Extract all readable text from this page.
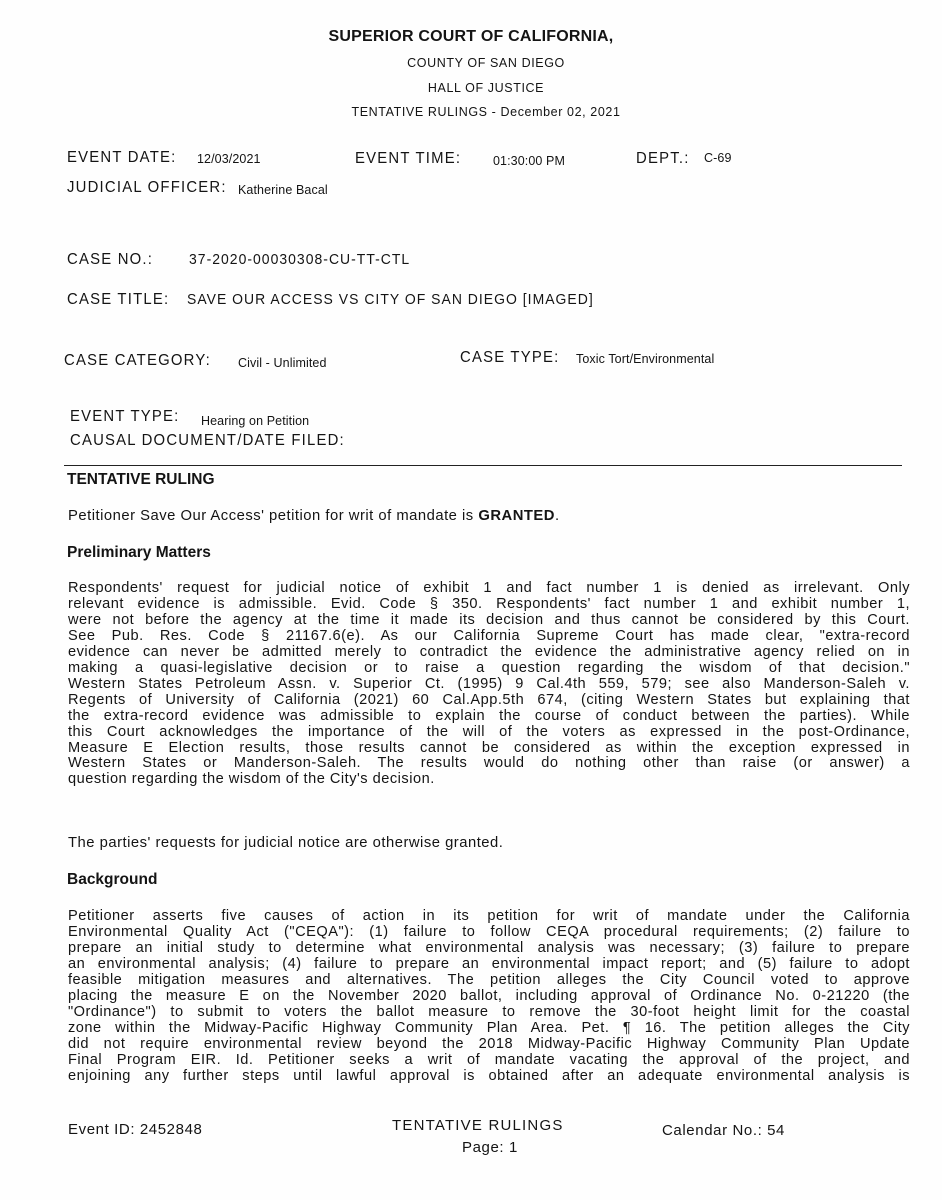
SUPERIOR COURT OF CALIFORNIA,
COUNTY OF SAN DIEGO
HALL OF JUSTICE
TENTATIVE RULINGS - December 02, 2021
EVENT DATE: 12/03/2021	EVENT TIME:	01:30:00 PM	DEPT.: C-69
JUDICIAL OFFICER: Katherine Bacal
CASE NO.: 37-2020-00030308-CU-TT-CTL
CASE TITLE: SAVE OUR ACCESS VS CITY OF SAN DIEGO [IMAGED]
CASE CATEGORY: Civil - Unlimited	CASE TYPE: Toxic Tort/Environmental
EVENT TYPE: Hearing on Petition
CAUSAL DOCUMENT/DATE FILED:
TENTATIVE RULING
Petitioner Save Our Access' petition for writ of mandate is GRANTED.
Preliminary Matters
Respondents' request for judicial notice of exhibit 1 and fact number 1 is denied as irrelevant. Only
relevant evidence is admissible. Evid. Code § 350. Respondents' fact number 1 and exhibit number 1,
were not before the agency at the time it made its decision and thus cannot be considered by this Court.
See Pub. Res. Code § 21167.6(e). As our California Supreme Court has made clear, "extra-record
evidence can never be admitted merely to contradict the evidence the administrative agency relied on in
making a quasi-legislative decision or to raise a question regarding the wisdom of that decision."
Western States Petroleum Assn. v. Superior Ct. (1995) 9 Cal.4th 559, 579; see also Manderson-Saleh v.
Regents of University of California (2021) 60 Cal.App.5th 674, (citing Western States but explaining that
the extra-record evidence was admissible to explain the course of conduct between the parties). While
this Court acknowledges the importance of the will of the voters as expressed in the post-Ordinance,
Measure E Election results, those results cannot be considered as within the exception expressed in
Western States or Manderson-Saleh. The results would do nothing other than raise (or answer) a
question regarding the wisdom of the City's decision.
The parties' requests for judicial notice are otherwise granted.
Background
Petitioner asserts five causes of action in its petition for writ of mandate under the California
Environmental Quality Act ("CEQA"): (1) failure to follow CEQA procedural requirements; (2) failure to
prepare an initial study to determine what environmental analysis was necessary; (3) failure to prepare
an environmental analysis; (4) failure to prepare an environmental impact report; and (5) failure to adopt
feasible mitigation measures and alternatives. The petition alleges the City Council voted to approve
placing the measure E on the November 2020 ballot, including approval of Ordinance No. 0-21220 (the
"Ordinance") to submit to voters the ballot measure to remove the 30-foot height limit for the coastal
zone within the Midway-Pacific Highway Community Plan Area. Pet. ¶ 16. The petition alleges the City
did not require environmental review beyond the 2018 Midway-Pacific Highway Community Plan Update
Final Program EIR. Id. Petitioner seeks a writ of mandate vacating the approval of the project, and
enjoining any further steps until lawful approval is obtained after an adequate environmental analysis is
Event ID: 2452848	TENTATIVE RULINGS
Page: 1
Calendar No.: 54
